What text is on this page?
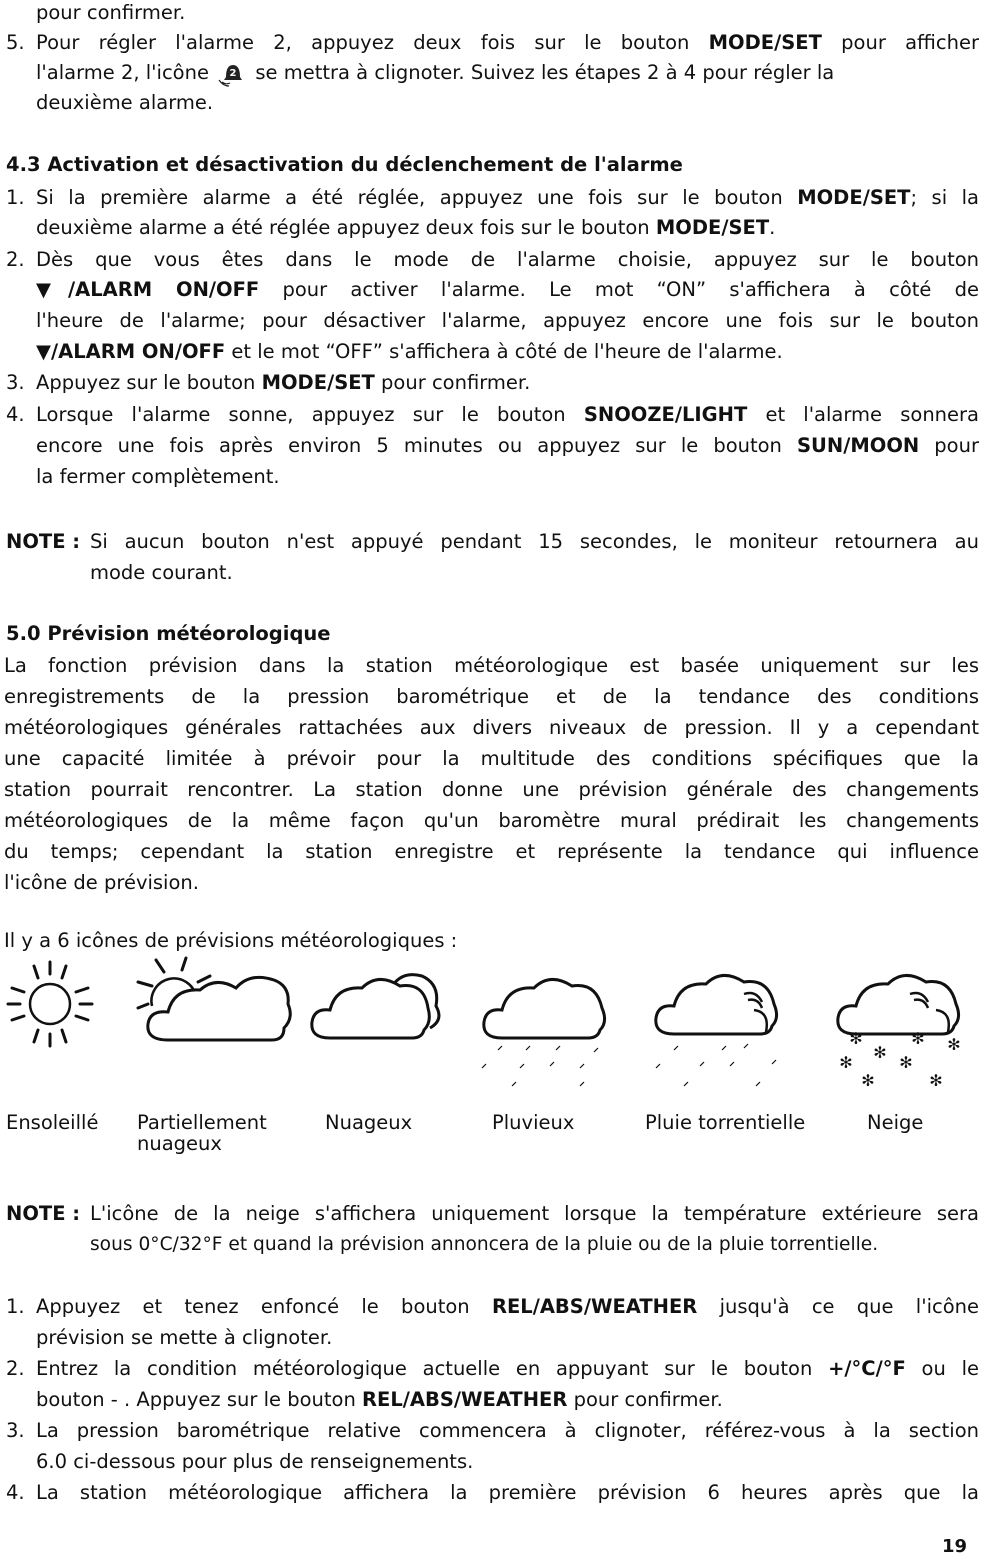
pour confirmer.
5. Pour régler l'alarme 2, appuyez deux fois sur le bouton MODE/SET pour afficher
l'alarme 2, l'icône 2 se mettra à clignoter. Suivez les étapes 2 à 4 pour régler la
deuxième alarme.
4.3 Activation et désactivation du déclenchement de l'alarme
1. Si la première alarme a été réglée, appuyez une fois sur le bouton MODE/SET; si la
deuxième alarme a été réglée appuyez deux fois sur le bouton MODE/SET.
2. Dès que vous êtes dans le mode de l'alarme choisie, appuyez sur le bouton
▼/ALARM ON/OFF pour activer l'alarme. Le mot “ON” s'affichera à côté de
l'heure de l'alarme; pour désactiver l'alarme, appuyez encore une fois sur le bouton
▼/ALARM ON/OFF et le mot “OFF” s'affichera à côté de l'heure de l'alarme.
3. Appuyez sur le bouton MODE/SET pour confirmer.
4. Lorsque l'alarme sonne, appuyez sur le bouton SNOOZE/LIGHT et l'alarme sonnera
encore une fois après environ 5 minutes ou appuyez sur le bouton SUN/MOON pour
la fermer complètement.
NOTE : Si aucun bouton n'est appuyé pendant 15 secondes, le moniteur retournera au
mode courant.
5.0 Prévision météorologique
La fonction prévision dans la station météorologique est basée uniquement sur les
enregistrements de la pression barométrique et de la tendance des conditions
météorologiques générales rattachées aux divers niveaux de pression. Il y a cependant
une capacité limitée à prévoir pour la multitude des conditions spécifiques que la
station pourrait rencontrer. La station donne une prévision générale des changements
météorologiques de la même façon qu'un baromètre mural prédirait les changements
du temps; cependant la station enregistre et représente la tendance qui influence
l'icône de prévision.
Il y a 6 icônes de prévisions météorologiques :
✻	✻ ✻
✻
✻	✻
✻	✻
Ensoleillé Partiellement
nuageux
Nuageux	Pluvieux	Pluie torrentielle	Neige
NOTE : L'icône de la neige s'affichera uniquement lorsque la température extérieure sera
sous 0°C/32°F et quand la prévision annoncera de la pluie ou de la pluie torrentielle.
1. Appuyez et tenez enfoncé le bouton REL/ABS/WEATHER jusqu'à ce que l'icône
prévision se mette à clignoter.
2. Entrez la condition météorologique actuelle en appuyant sur le bouton +/°C/°F ou le
bouton - . Appuyez sur le bouton REL/ABS/WEATHER pour confirmer.
3. La pression barométrique relative commencera à clignoter, référez-vous à la section
6.0 ci-dessous pour plus de renseignements.
4. La station météorologique affichera la première prévision 6 heures après que la
19
